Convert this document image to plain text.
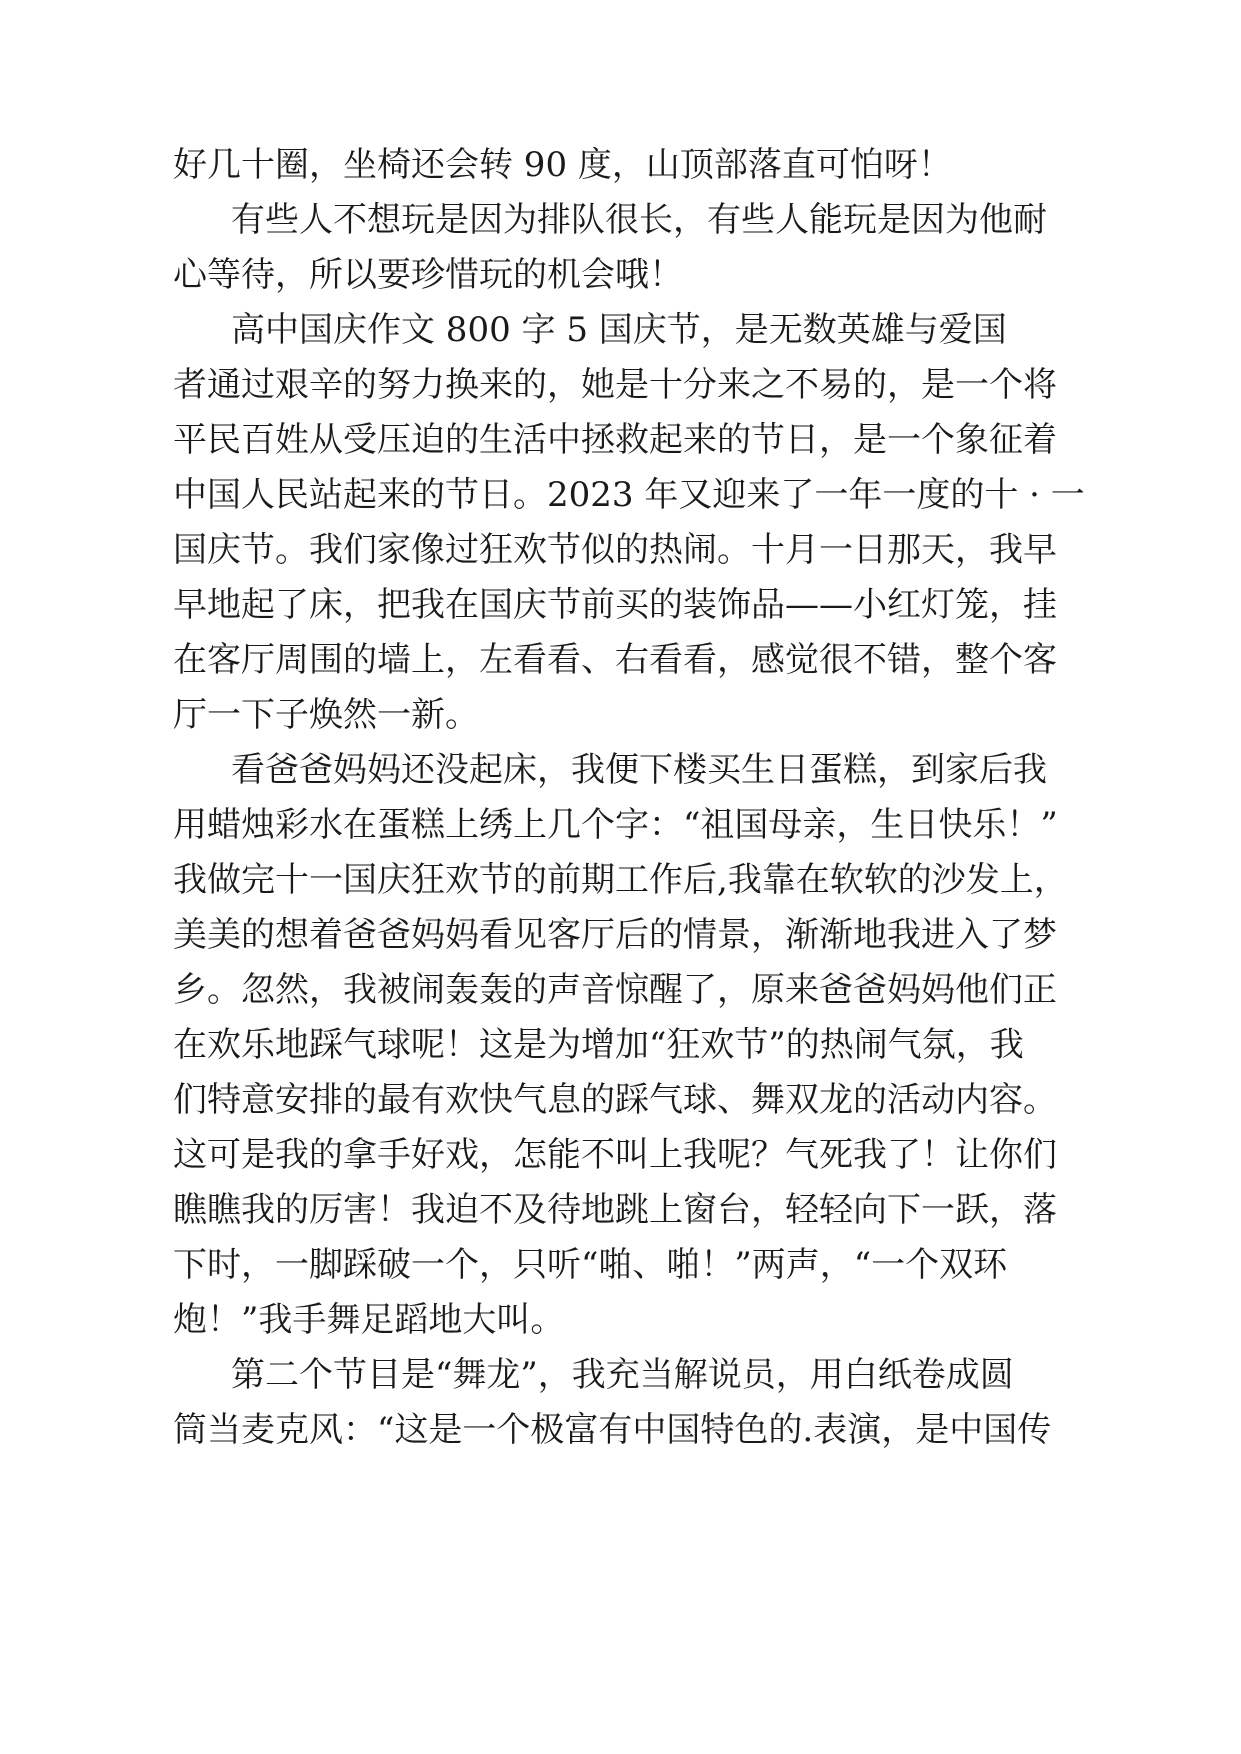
好几十圈，坐椅还会转 90 度，山顶部落直可怕呀！
有些人不想玩是因为排队很长，有些人能玩是因为他耐
心等待，所以要珍惜玩的机会哦！
高中国庆作文 800 字 5 国庆节，是无数英雄与爱国
者通过艰辛的努力换来的，她是十分来之不易的，是一个将
平民百姓从受压迫的生活中拯救起来的节日，是一个象征着
中国人民站起来的节日。2023 年又迎来了一年一度的十 · 一
国庆节。我们家像过狂欢节似的热闹。十月一日那天，我早
早地起了床，把我在国庆节前买的装饰品——小红灯笼，挂
在客厅周围的墙上，左看看、右看看，感觉很不错，整个客
厅一下子焕然一新。
看爸爸妈妈还没起床，我便下楼买生日蛋糕，到家后我
用蜡烛彩水在蛋糕上绣上几个字：“祖国母亲，生日快乐！”
我做完十一国庆狂欢节的前期工作后,我靠在软软的沙发上，
美美的想着爸爸妈妈看见客厅后的情景，渐渐地我进入了梦
乡。忽然，我被闹轰轰的声音惊醒了，原来爸爸妈妈他们正
在欢乐地踩气球呢！这是为增加“狂欢节”的热闹气氛，我
们特意安排的最有欢快气息的踩气球、舞双龙的活动内容。
这可是我的拿手好戏，怎能不叫上我呢？气死我了！让你们
瞧瞧我的厉害！我迫不及待地跳上窗台，轻轻向下一跃，落
下时，一脚踩破一个，只听“啪、啪！”两声，“一个双环
炮！”我手舞足蹈地大叫。
第二个节目是“舞龙”，我充当解说员，用白纸卷成圆
筒当麦克风：“这是一个极富有中国特色的.表演，是中国传
